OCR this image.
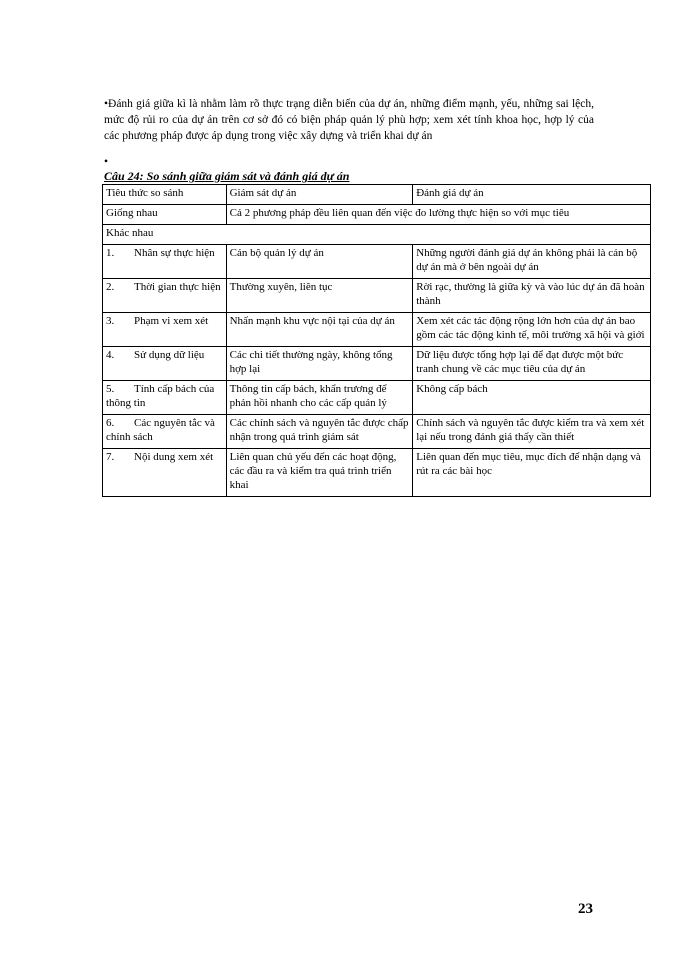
•Đánh giá giữa kì là nhằm làm rõ thực trạng diễn biến của dự án, những điểm mạnh, yếu, những sai lệch, mức độ rủi ro của dự án trên cơ sở đó có biện pháp quản lý phù hợp; xem xét tính khoa học, hợp lý của các phương pháp được áp dụng trong việc xây dựng và triển khai dự án
•
Câu 24: So sánh giữa giám sát và đánh giá dự án
Tiêu thức so sánh	Giám sát dự án	Đánh giá dự án
Giống nhau	Cả 2 phương pháp đều liên quan đến việc đo lường thực hiện so với mục tiêu	
Khác nhau		
1. Nhân sự thực hiện	Cán bộ quản lý dự án	Những người đánh giá dự án không phải là cán bộ dự án mà ở bên ngoài dự án
2. Thời gian thực hiện	Thường xuyên, liên tục	Rời rạc, thường là giữa kỳ và vào lúc dự án đã hoàn thành
3. Phạm vi xem xét	Nhấn mạnh khu vực nội tại của dự án	Xem xét các tác động rộng lớn hơn của dự án bao gồm các tác động kinh tế, môi trường xã hội và giới
4. Sử dụng dữ liệu	Các chi tiết thường ngày, không tổng hợp lại	Dữ liệu được tổng hợp lại để đạt được một bức tranh chung về các mục tiêu của dự án
5. Tính cấp bách của thông tin	Thông tin cấp bách, khẩn trương để phản hồi nhanh cho các cấp quản lý	Không cấp bách
6. Các nguyên tắc và chính sách	Các chính sách và nguyên tắc được chấp nhận trong quá trình giám sát	Chính sách và nguyên tắc được kiểm tra và xem xét lại nếu trong đánh giá thấy cần thiết
7. Nội dung xem xét	Liên quan chủ yếu đến các hoạt động, các đầu ra và kiểm tra quá trình triển khai	Liên quan đến mục tiêu, mục đích để nhận dạng và rút ra các bài học
23
